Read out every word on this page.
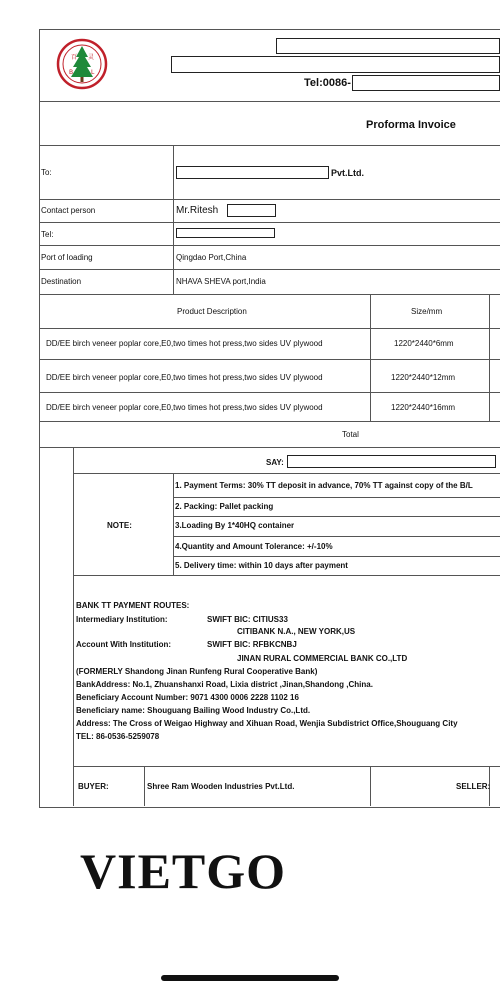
百 灵
B	L
Tel:0086-
Proforma Invoice
To:	Pvt.Ltd.
Contact person	Mr.Ritesh
Tel:
Port of loading	Qingdao Port,China
Destination	NHAVA SHEVA port,India
Product Description	Size/mm
DD/EE birch veneer poplar core,E0,two times hot press,two sides UV plywood	1220*2440*6mm
DD/EE birch veneer poplar core,E0,two times hot press,two sides UV plywood	1220*2440*12mm
DD/EE birch veneer poplar core,E0,two times hot press,two sides UV plywood	1220*2440*16mm
Total
SAY:
NOTE:
1. Payment Terms: 30% TT deposit in advance, 70% TT against copy of the B/L
2. Packing: Pallet packing
3.Loading By 1*40HQ container
4.Quantity and Amount Tolerance: +/-10%
5. Delivery time: within 10 days after payment
BANK TT PAYMENT ROUTES:
Intermediary Institution:	SWIFT BIC: CITIUS33
CITIBANK N.A., NEW YORK,US
Account With Institution:	SWIFT BIC: RFBKCNBJ
JINAN RURAL COMMERCIAL BANK CO.,LTD
(FORMERLY Shandong Jinan Runfeng Rural Cooperative Bank)
BankAddress: No.1, Zhuanshanxi Road, Lixia district ,Jinan,Shandong ,China.
Beneficiary Account Number: 9071 4300 0006 2228 1102 16
Beneficiary name: Shouguang Bailing Wood Industry Co.,Ltd.
Address: The Cross of Weigao Highway and Xihuan Road, Wenjia Subdistrict Office,Shouguang City
TEL: 86-0536-5259078
BUYER:	Shree Ram Wooden Industries Pvt.Ltd.	SELLER:
VIETGO
